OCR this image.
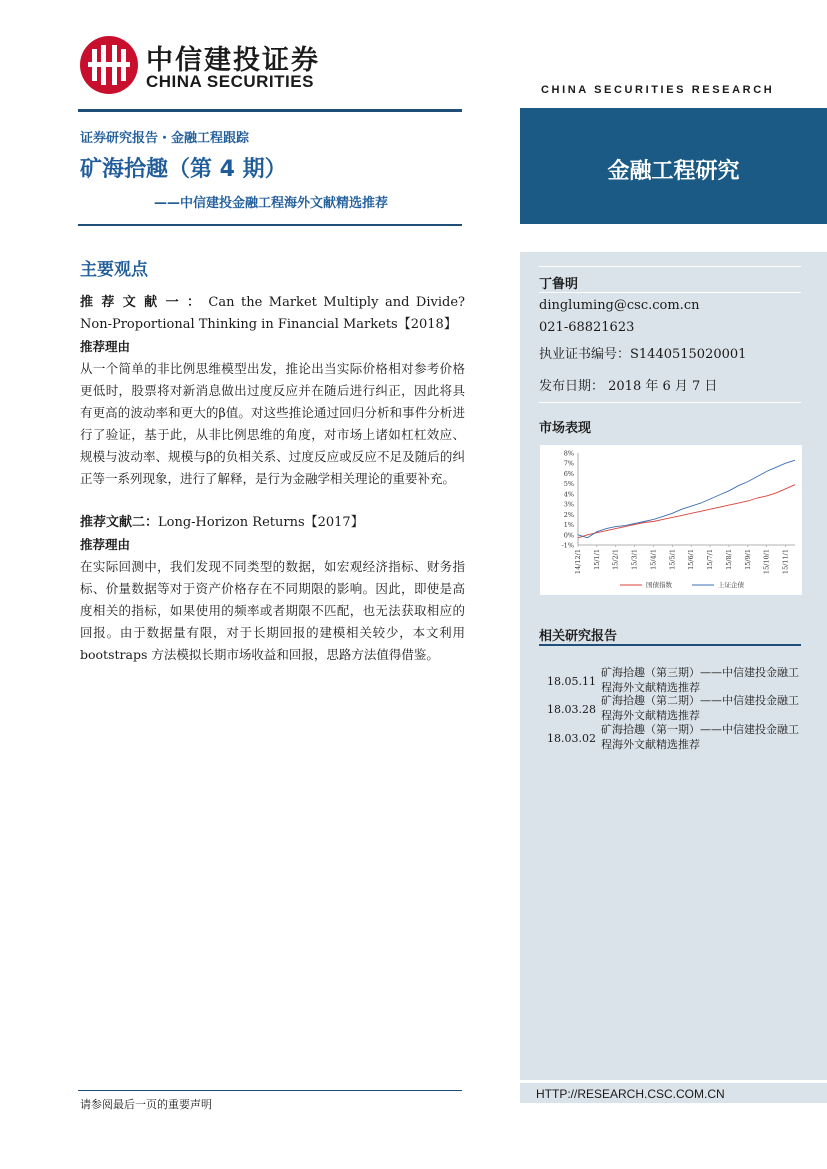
中信建投证券
CHINA SECURITIES	CHINA SECURITIES RESEARCH
证券研究报告・金融工程跟踪
矿海拾趣（第 4 期）
——中信建投金融工程海外文献精选推荐
金融工程研究
主要观点
推荐文献一：Can the Market Multiply and Divide?
Non-Proportional Thinking in Financial Markets【2018】
推荐理由
从一个简单的非比例思维模型出发，推论出当实际价格相对参考价格更低时，股票将对新消息做出过度反应并在随后进行纠正，因此将具有更高的波动率和更大的β值。对这些推论通过回归分析和事件分析进行了验证，基于此，从非比例思维的角度，对市场上诸如杠杠效应、规模与波动率、规模与β的负相关系、过度反应或反应不足及随后的纠正等一系列现象，进行了解释，是行为金融学相关理论的重要补充。
推荐文献二：Long-Horizon Returns【2017】
推荐理由
在实际回测中，我们发现不同类型的数据，如宏观经济指标、财务指标、价量数据等对于资产价格存在不同期限的影响。因此，即使是高度相关的指标，如果使用的频率或者期限不匹配，也无法获取相应的回报。由于数据量有限，对于长期回报的建模相关较少，本文利用 bootstraps 方法模拟长期市场收益和回报，思路方法值得借鉴。
丁鲁明
dingluming@csc.com.cn
021-68821623
执业证书编号：S1440515020001
发布日期： 2018 年 6 月 7 日
市场表现
8%
7%
6%
5%
4%
3%
2%
1%
0%
-1%
14/12/1 15/1/1 15/2/1 15/3/1 15/4/1 15/5/1 15/6/1 15/7/1 15/8/1 15/9/1 15/10/1 15/11/1
国债指数	上证企债
相关研究报告
18.05.11
矿海拾趣（第三期）——中信建投金融工程海外文献精选推荐
18.03.28
矿海拾趣（第二期）——中信建投金融工程海外文献精选推荐
18.03.02
矿海拾趣（第一期）——中信建投金融工程海外文献精选推荐
HTTP://RESEARCH.CSC.COM.CN
请参阅最后一页的重要声明
